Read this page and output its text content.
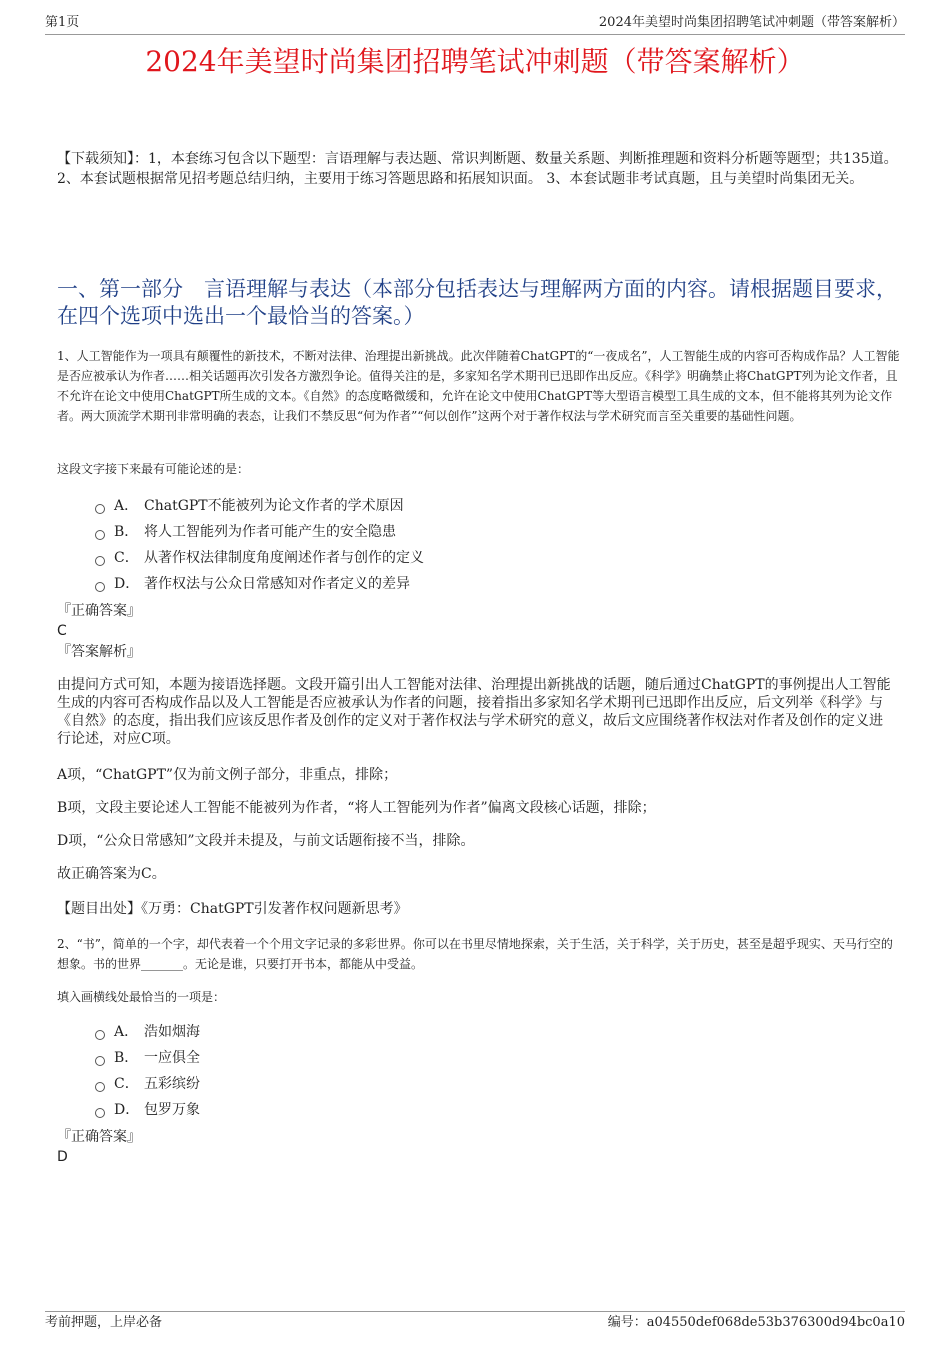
第1页	2024年美望时尚集团招聘笔试冲刺题（带答案解析）
2024年美望时尚集团招聘笔试冲刺题（带答案解析）
【下载须知】：1，本套练习包含以下题型：言语理解与表达题、常识判断题、数量关系题、判断推理题和资料分析题等题型；共135道。 2、本套试题根据常见招考题总结归纳，主要用于练习答题思路和拓展知识面。 3、本套试题非考试真题，且与美望时尚集团无关。
一、第一部分　言语理解与表达（本部分包括表达与理解两方面的内容。请根据题目要求，在四个选项中选出一个最恰当的答案。）
1、人工智能作为一项具有颠覆性的新技术，不断对法律、治理提出新挑战。此次伴随着ChatGPT的“一夜成名”，人工智能生成的内容可否构成作品？人工智能是否应被承认为作者……相关话题再次引发各方激烈争论。值得关注的是，多家知名学术期刊已迅即作出反应。《科学》明确禁止将ChatGPT列为论文作者，且不允许在论文中使用ChatGPT所生成的文本。《自然》的态度略微缓和，允许在论文中使用ChatGPT等大型语言模型工具生成的文本，但不能将其列为论文作者。两大顶流学术期刊非常明确的表态，让我们不禁反思“何为作者”“何以创作”这两个对于著作权法与学术研究而言至关重要的基础性问题。
这段文字接下来最有可能论述的是：
A． ChatGPT不能被列为论文作者的学术原因
B． 将人工智能列为作者可能产生的安全隐患
C． 从著作权法律制度角度阐述作者与创作的定义
D． 著作权法与公众日常感知对作者定义的差异
『正确答案』
C
『答案解析』
由提问方式可知，本题为接语选择题。文段开篇引出人工智能对法律、治理提出新挑战的话题，随后通过ChatGPT的事例提出人工智能生成的内容可否构成作品以及人工智能是否应被承认为作者的问题，接着指出多家知名学术期刊已迅即作出反应，后文列举《科学》与《自然》的态度，指出我们应该反思作者及创作的定义对于著作权法与学术研究的意义，故后文应围绕著作权法对作者及创作的定义进行论述，对应C项。
A项，“ChatGPT”仅为前文例子部分，非重点，排除；
B项，文段主要论述人工智能不能被列为作者，“将人工智能列为作者”偏离文段核心话题，排除；
D项，“公众日常感知”文段并未提及，与前文话题衔接不当，排除。
故正确答案为C。
【题目出处】《万勇：ChatGPT引发著作权问题新思考》
2、“书”，简单的一个字，却代表着一个个用文字记录的多彩世界。你可以在书里尽情地探索，关于生活，关于科学，关于历史，甚至是超乎现实、天马行空的想象。书的世界_______。无论是谁，只要打开书本，都能从中受益。
填入画横线处最恰当的一项是：
A． 浩如烟海
B． 一应俱全
C． 五彩缤纷
D． 包罗万象
『正确答案』
D
考前押题，上岸必备	编号：a04550def068de53b376300d94bc0a10
